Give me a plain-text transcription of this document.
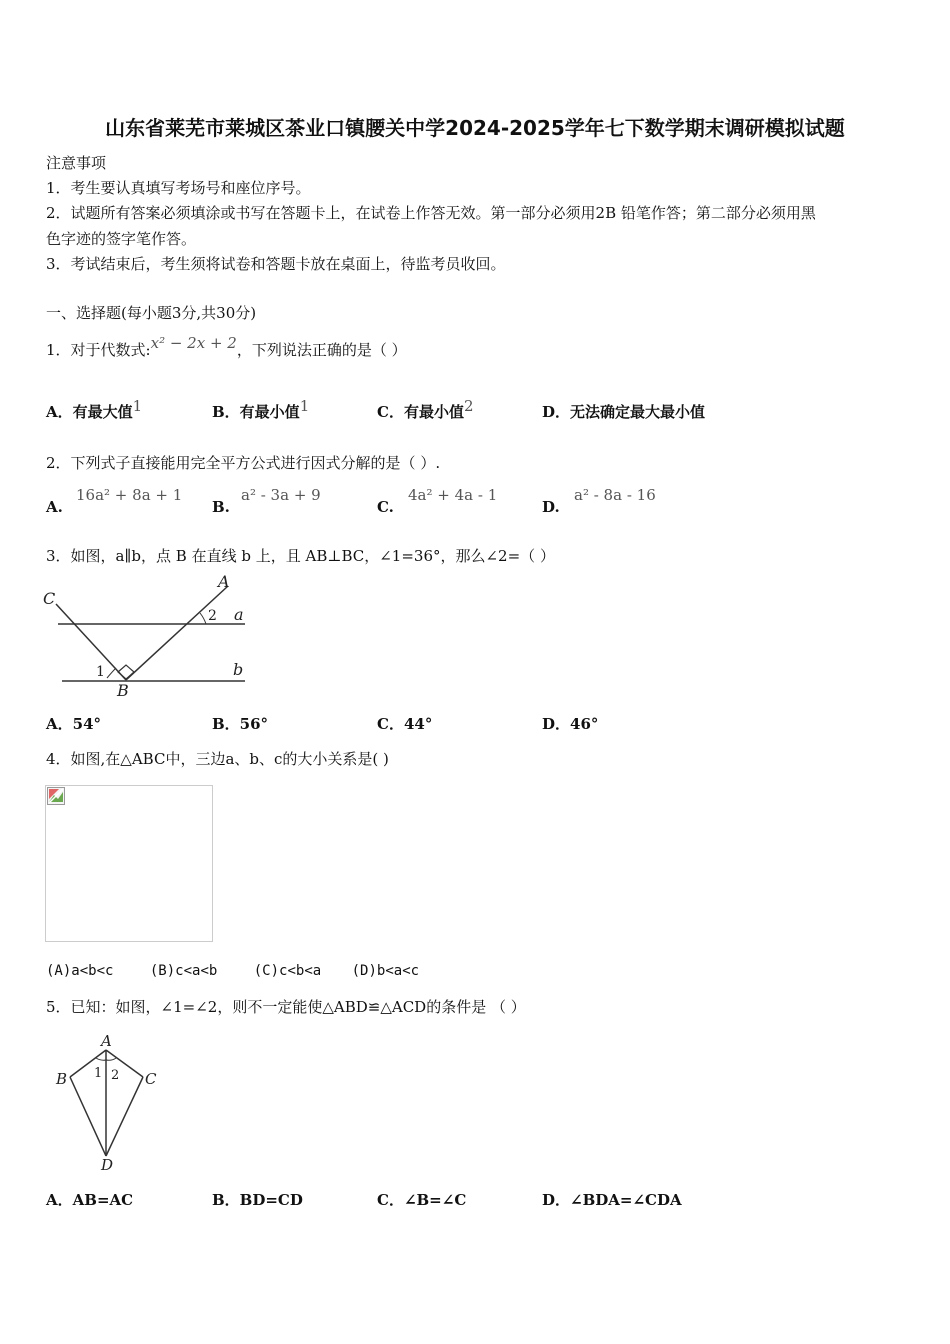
山东省莱芜市莱城区茶业口镇腰关中学2024-2025学年七下数学期末调研模拟试题
注意事项
1．考生要认真填写考场号和座位序号。
2．试题所有答案必须填涂或书写在答题卡上，在试卷上作答无效。第一部分必须用2B 铅笔作答；第二部分必须用黑
色字迹的签字笔作答。
3．考试结束后，考生须将试卷和答题卡放在桌面上，待监考员收回。
一、选择题(每小题3分,共30分)
1．对于代数式:x² − 2x + 2，下列说法正确的是（ ）
A．有最大值1	B．有最小值1	C．有最小值2	D．无法确定最大最小值
2．下列式子直接能用完全平方公式进行因式分解的是（ ）.
A.
16a² + 8a + 1
B.
a² - 3a + 9
C.
4a² + 4a - 1
D.
a² - 8a - 16
3．如图，a∥b，点 B 在直线 b 上，且 AB⊥BC，∠1=36°，那么∠2=（ ）
C
A
a
b
B
1
2
A．54°	B．56°	C．44°	D．46°
4．如图,在△ABC中，三边a、b、c的大小关系是( )
(A)a<b<c	(B)c<a<b	(C)c<b<a (D)b<a<c
5．已知：如图，∠1=∠2，则不一定能使△ABD≌△ACD的条件是 （ ）
A
B	C
D
1 2
A．AB=AC	B．BD=CD	C．∠B=∠C	D．∠BDA=∠CDA
